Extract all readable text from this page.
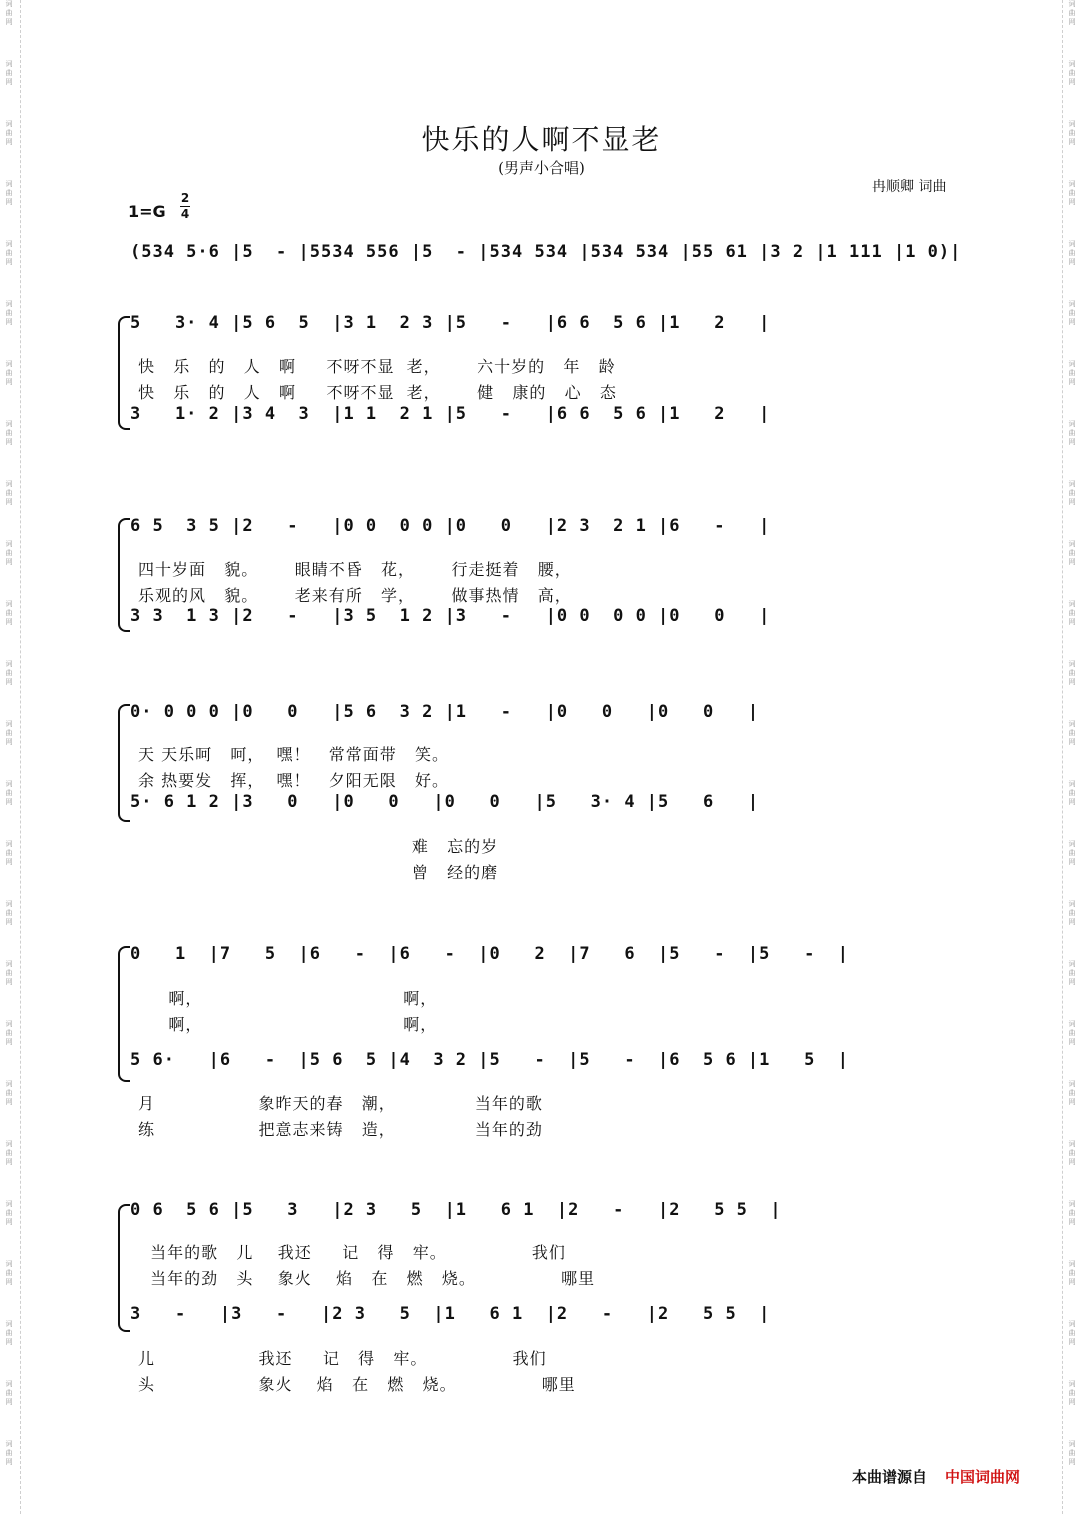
词
曲
网
词
曲
网
词
曲
网
词
曲
网
词
曲
网
词
曲
网
词
曲
网
词
曲
网
词
曲
网
词
曲
网
词
曲
网
词
曲
网
词
曲
网
词
曲
网
词
曲
网
词
曲
网
词
曲
网
词
曲
网
词
曲
网
词
曲
网
词
曲
网
词
曲
网
词
曲
网
词
曲
网
词
曲
网
词
曲
网
词
曲
网
词
曲
网
词
曲
网
词
曲
网
词
曲
网
词
曲
网
词
曲
网
词
曲
网
词
曲
网
词
曲
网
词
曲
网
词
曲
网
词
曲
网
词
曲
网
词
曲
网
词
曲
网
词
曲
网
词
曲
网
词
曲
网
词
曲
网
词
曲
网
词
曲
网
词
曲
网
词
曲
网
快乐的人啊不显老
(男声小合唱)
冉顺卿 词曲
1=G
2
4
(534 5·6 |5  - |5534 556 |5  - |534 534 |534 534 |55 61 |3 2 |1 111 |1 0)|
5   3· 4 |5 6  5  |3 1  2 3 |5   -   |6 6  5 6 |1   2   |
快   乐   的   人   啊     不呀不显  老，      六十岁的   年   龄
快   乐   的   人   啊     不呀不显  老，      健   康的   心   态
3   1· 2 |3 4  3  |1 1  2 1 |5   -   |6 6  5 6 |1   2   |
6 5  3 5 |2   -   |0 0  0 0 |0   0   |2 3  2 1 |6   -   |
四十岁面   貌。      眼睛不昏   花，      行走挺着   腰，
乐观的风   貌。      老来有所   学，      做事热情   高，
3 3  1 3 |2   -   |3 5  1 2 |3   -   |0 0  0 0 |0   0   |
0· 0 0 0 |0   0   |5 6  3 2 |1   -   |0   0   |0   0   |
天 天乐呵   呵，  嘿！   常常面带   笑。
余 热要发   挥，  嘿！   夕阳无限   好。
5· 6 1 2 |3   0   |0   0   |0   0   |5   3· 4 |5   6   |
难   忘的岁
曾   经的磨
0   1  |7   5  |6   -  |6   -  |0   2  |7   6  |5   -  |5   -  |
啊，                                 啊，
啊，                                 啊，
5 6·   |6   -  |5 6  5 |4  3 2 |5   -  |5   -  |6  5 6 |1   5  |
月                 象昨天的春   潮，             当年的歌
练                 把意志来铸   造，             当年的劲
0 6  5 6 |5   3   |2 3   5  |1   6 1  |2   -   |2   5 5  |
当年的歌   儿    我还     记   得   牢。              我们
当年的劲   头    象火    焰   在   燃   烧。              哪里
3   -   |3   -   |2 3   5  |1   6 1  |2   -   |2   5 5  |
儿                 我还     记   得   牢。              我们
头                 象火    焰   在   燃   烧。              哪里
本曲谱源自 中国词曲网
